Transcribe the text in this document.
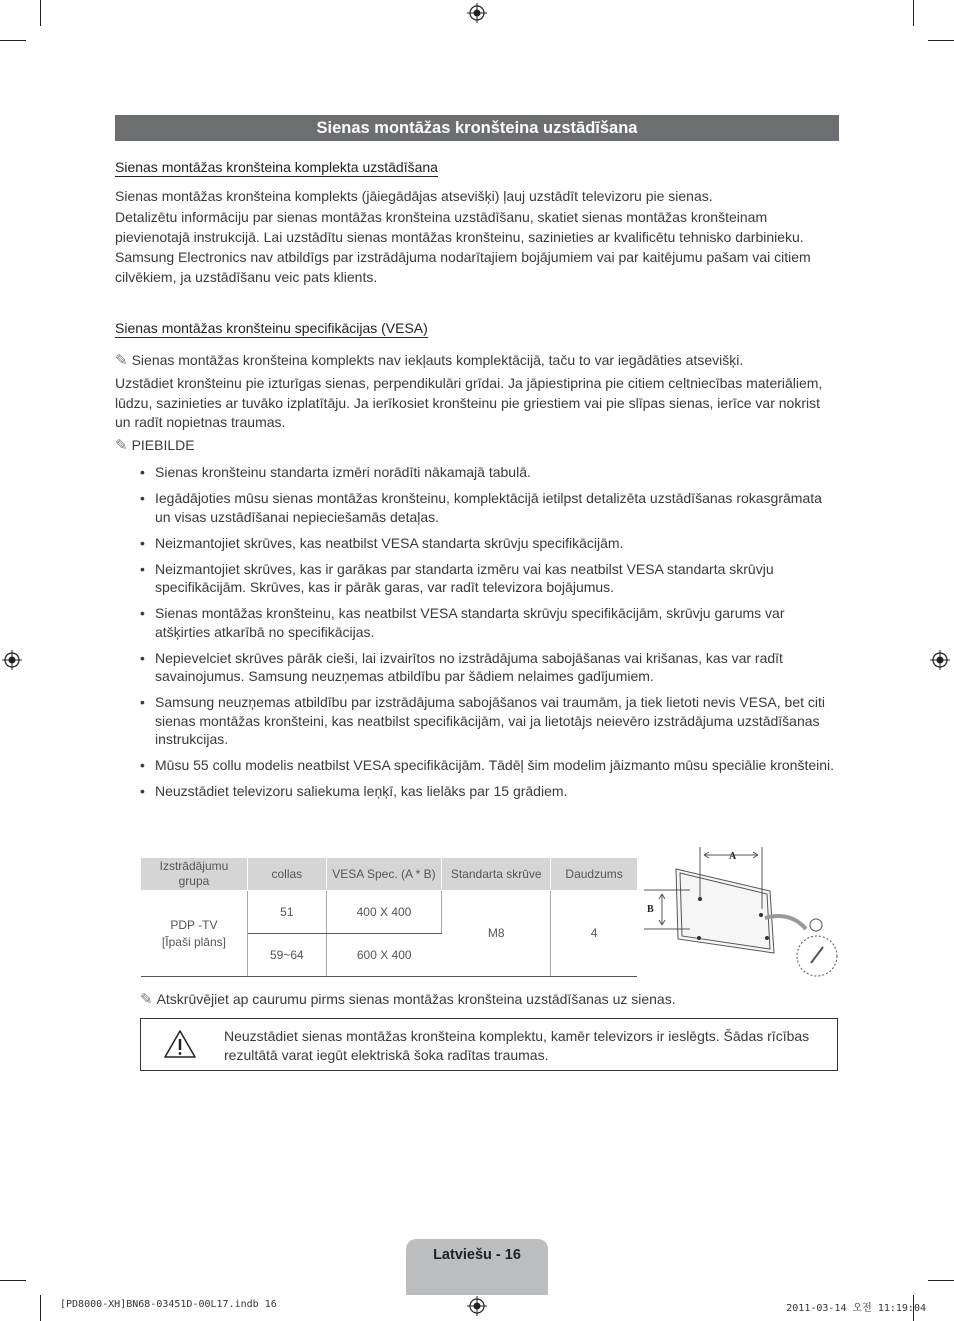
Sienas montāžas kronšteina uzstādīšana
Sienas montāžas kronšteina komplekta uzstādīšana
Sienas montāžas kronšteina komplekts (jāiegādājas atsevišķi) ļauj uzstādīt televizoru pie sienas.
Detalizētu informāciju par sienas montāžas kronšteina uzstādīšanu, skatiet sienas montāžas kronšteinam pievienotajā instrukcijā. Lai uzstādītu sienas montāžas kronšteinu, sazinieties ar kvalificētu tehnisko darbinieku.
Samsung Electronics nav atbildīgs par izstrādājuma nodarītajiem bojājumiem vai par kaitējumu pašam vai citiem cilvēkiem, ja uzstādīšanu veic pats klients.
Sienas montāžas kronšteinu specifikācijas (VESA)
✎ Sienas montāžas kronšteina komplekts nav iekļauts komplektācijā, taču to var iegādāties atsevišķi.
Uzstādiet kronšteinu pie izturīgas sienas, perpendikulāri grīdai. Ja jāpiestiprina pie citiem celtniecības materiāliem, lūdzu, sazinieties ar tuvāko izplatītāju. Ja ierīkosiet kronšteinu pie griestiem vai pie slīpas sienas, ierīce var nokrist un radīt nopietnas traumas.
✎ PIEBILDE
• Sienas kronšteinu standarta izmēri norādīti nākamajā tabulā.
• Iegādājoties mūsu sienas montāžas kronšteinu, komplektācijā ietilpst detalizēta uzstādīšanas rokasgrāmata un visas uzstādīšanai nepieciešamās detaļas.
• Neizmantojiet skrūves, kas neatbilst VESA standarta skrūvju specifikācijām.
• Neizmantojiet skrūves, kas ir garākas par standarta izmēru vai kas neatbilst VESA standarta skrūvju specifikācijām. Skrūves, kas ir pārāk garas, var radīt televizora bojājumus.
• Sienas montāžas kronšteinu, kas neatbilst VESA standarta skrūvju specifikācijām, skrūvju garums var atšķirties atkarībā no specifikācijas.
• Nepievelciet skrūves pārāk cieši, lai izvairītos no izstrādājuma sabojāšanas vai krišanas, kas var radīt savainojumus. Samsung neuzņemas atbildību par šādiem nelaimes gadījumiem.
• Samsung neuzņemas atbildību par izstrādājuma sabojāšanos vai traumām, ja tiek lietoti nevis VESA, bet citi sienas montāžas kronšteini, kas neatbilst specifikācijām, vai ja lietotājs neievēro izstrādājuma uzstādīšanas instrukcijas.
• Mūsu 55 collu modelis neatbilst VESA specifikācijām. Tādēļ šim modelim jāizmanto mūsu speciālie kronšteini.
• Neuzstādiet televizoru saliekuma leņķī, kas lielāks par 15 grādiem.
Izstrādājumu grupa	collas	VESA Spec. (A * B)	Standarta skrūve	Daudzums
PDP -TV [Īpaši plāns]	51	400 X 400	M8	4
	59~64	600 X 400		
A
B
✎ Atskrūvējiet ap caurumu pirms sienas montāžas kronšteina uzstādīšanas uz sienas.
Neuzstādiet sienas montāžas kronšteina komplektu, kamēr televizors ir ieslēgts. Šādas rīcības rezultātā varat iegūt elektriskā šoka radītas traumas.
Latviešu - 16
[PD8000-XH]BN68-03451D-00L17.indb 16	2011-03-14 오전 11:19:04
